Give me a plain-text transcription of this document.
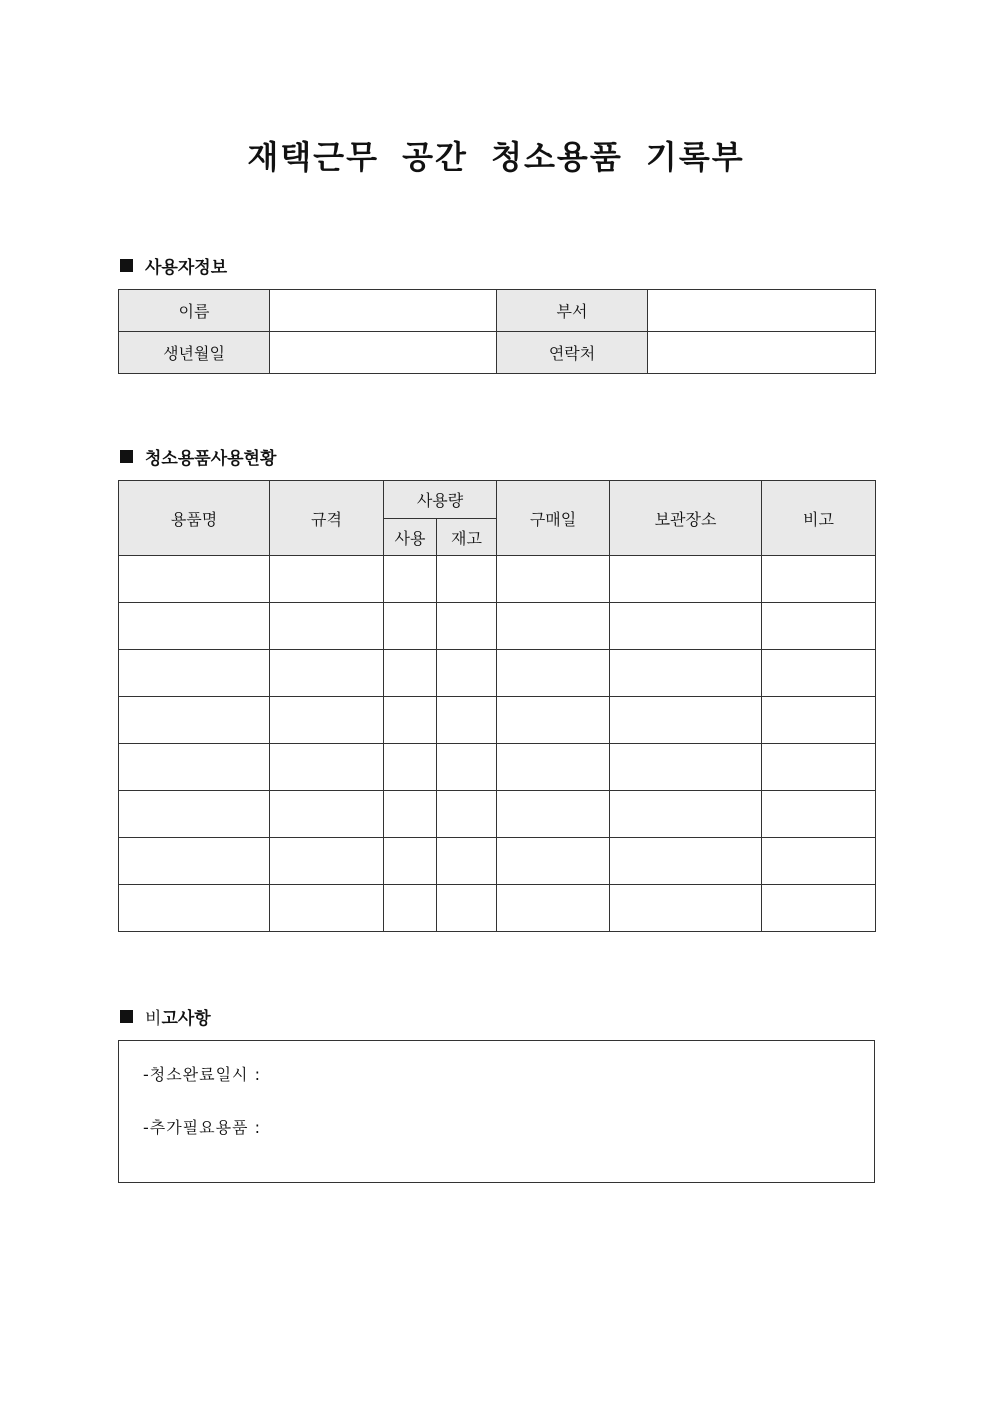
재택근무 공간 청소용품 기록부
사용자정보
이름		부서	
생년월일		연락처	
청소용품사용현황
용품명	규격	사용량		구매일	보관장소	비고
		사용	재고			

비 고사항
-청소완료일시 :
-추가필요용품 :
